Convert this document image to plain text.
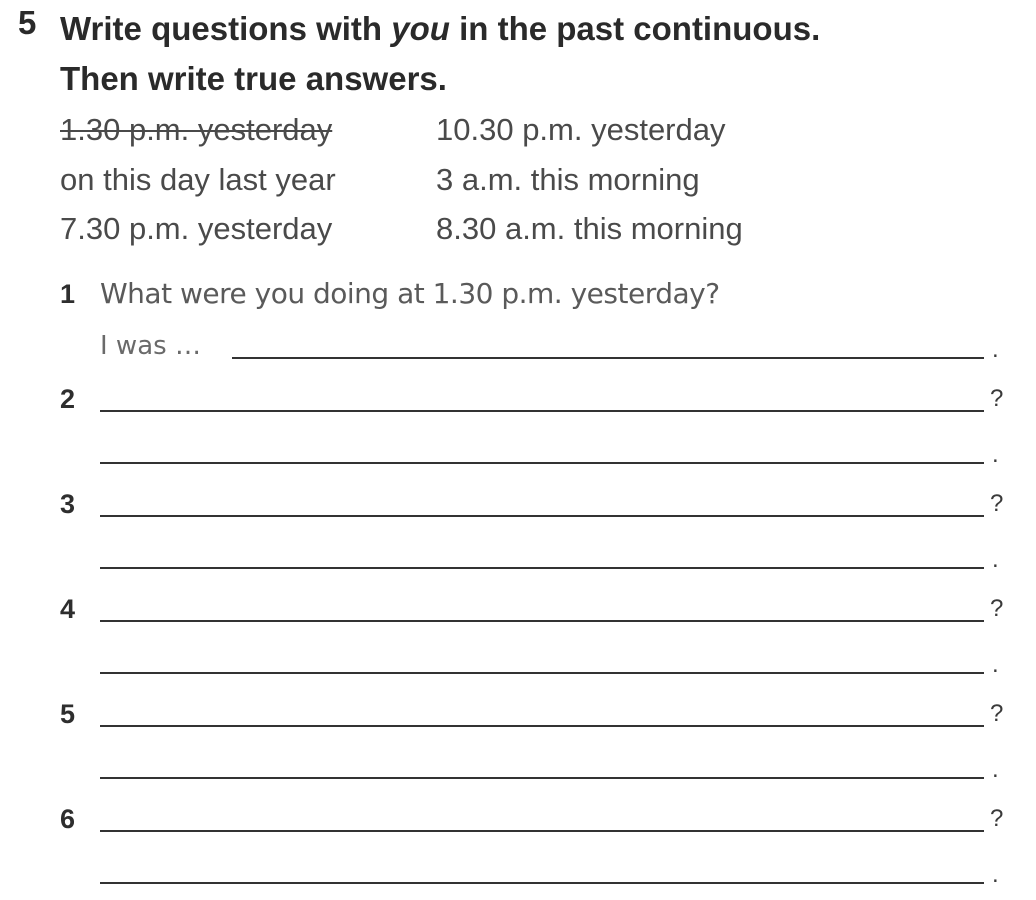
5 Write questions with you in the past continuous.
Then write true answers.
1.30 p.m. yesterday	10.30 p.m. yesterday
on this day last year	3 a.m. this morning
7.30 p.m. yesterday	8.30 a.m. this morning
1 What were you doing at 1.30 p.m. yesterday?
I was …	.
2	?
.
3	?
.
4	?
.
5	?
.
6	?
.
